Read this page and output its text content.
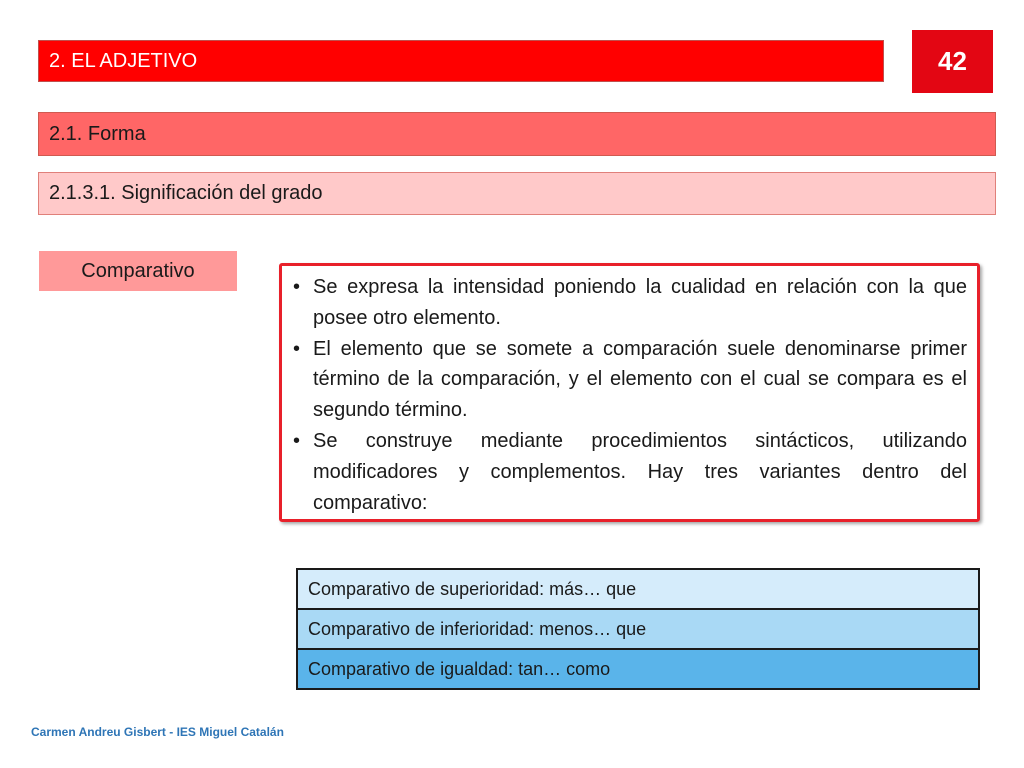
2. EL ADJETIVO	42
2.1. Forma
2.1.3.1. Significación del grado
Comparativo
• Se expresa la intensidad poniendo la cualidad en relación con la que posee otro elemento.
• El elemento que se somete a comparación suele denominarse primer término de la comparación, y el elemento con el cual se compara es el segundo término.
• Se construye mediante procedimientos sintácticos, utilizando modificadores y complementos. Hay tres variantes dentro del comparativo:
Comparativo de superioridad: más… que
Comparativo de inferioridad: menos… que
Comparativo de igualdad: tan… como
Carmen Andreu Gisbert - IES Miguel Catalán
